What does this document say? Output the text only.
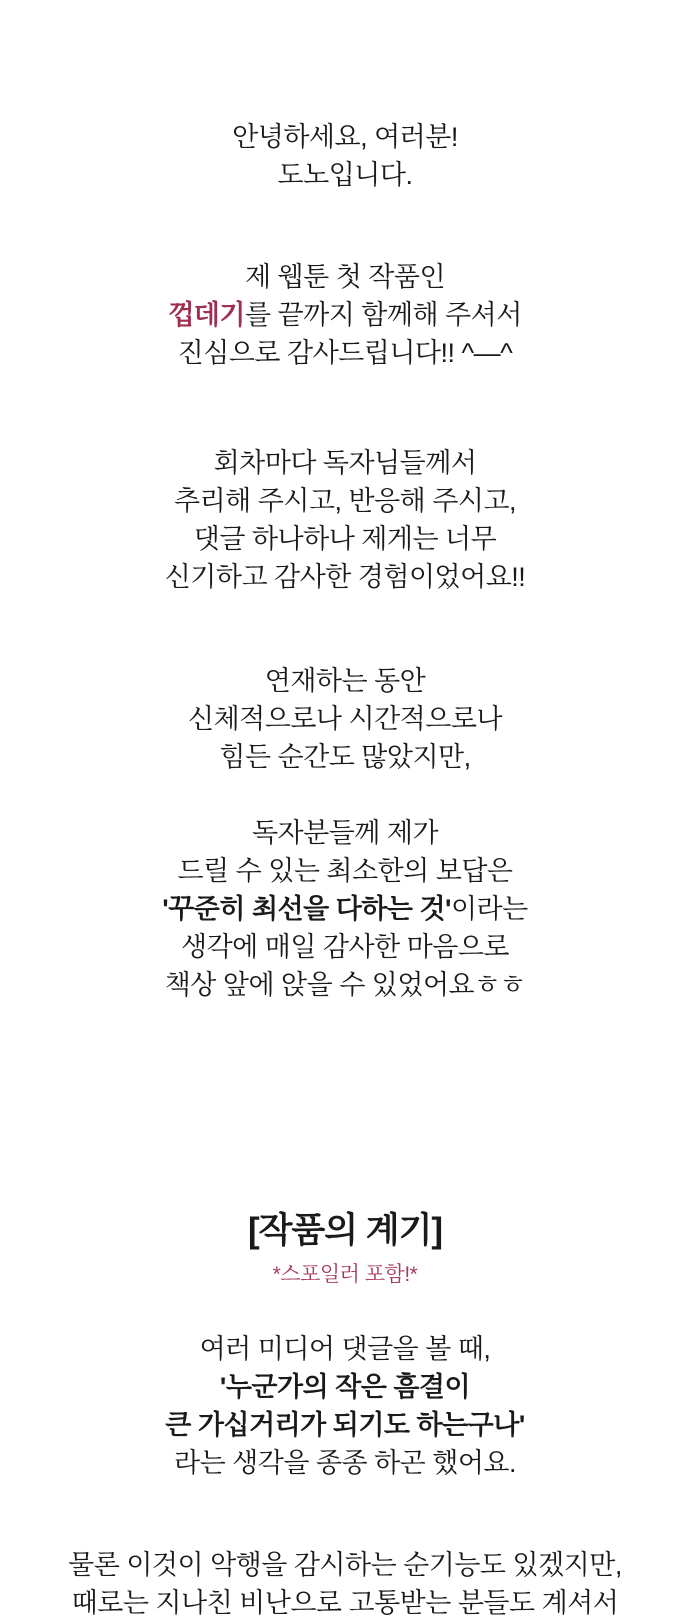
안녕하세요, 여러분!

도노입니다.

제 웹툰 첫 작품인

껍데기를 끝까지 함께해 주셔서

진심으로 감사드립니다!! ^—^

회차마다 독자님들께서

추리해 주시고, 반응해 주시고,

댓글 하나하나 제게는 너무

신기하고 감사한 경험이었어요!!

연재하는 동안

신체적으로나 시간적으로나

힘든 순간도 많았지만,

독자분들께 제가

드릴 수 있는 최소한의 보답은

'꾸준히 최선을 다하는 것'이라는

생각에 매일 감사한 마음으로

책상 앞에 앉을 수 있었어요ㅎㅎ

[작품의 계기]

*스포일러 포함!*

여러 미디어 댓글을 볼 때,

'누군가의 작은 흠결이

큰 가십거리가 되기도 하는구나'

라는 생각을 종종 하곤 했어요.

물론 이것이 악행을 감시하는 순기능도 있겠지만,

때로는 지나친 비난으로 고통받는 분들도 계셔서
